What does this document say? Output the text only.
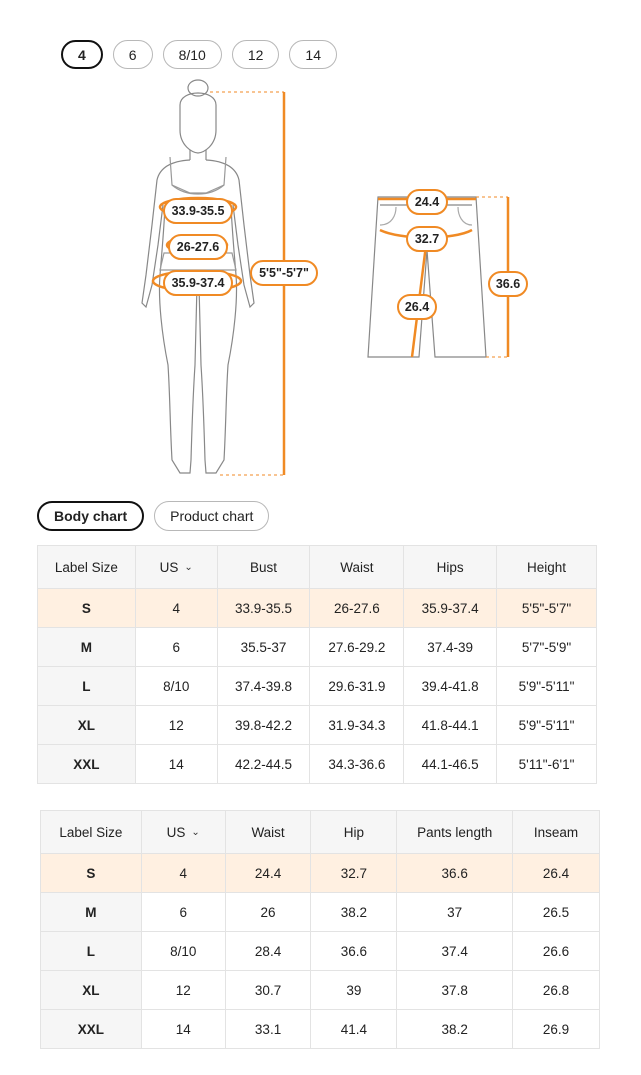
4	6	8/10	12	14
33.9-35.5
26-27.6
35.9-37.4
5'5"-5'7"
24.4
32.7
26.4
36.6
Body chart	Product chart
Label Size	US ⌄	Bust	Waist	Hips	Height
S	4	33.9-35.5	26-27.6	35.9-37.4	5'5"-5'7"
M	6	35.5-37	27.6-29.2	37.4-39	5'7"-5'9"
L	8/10	37.4-39.8	29.6-31.9	39.4-41.8	5'9"-5'11"
XL	12	39.8-42.2	31.9-34.3	41.8-44.1	5'9"-5'11"
XXL	14	42.2-44.5	34.3-36.6	44.1-46.5	5'11"-6'1"
Label Size	US ⌄	Waist	Hip	Pants length	Inseam
S	4	24.4	32.7	36.6	26.4
M	6	26	38.2	37	26.5
L	8/10	28.4	36.6	37.4	26.6
XL	12	30.7	39	37.8	26.8
XXL	14	33.1	41.4	38.2	26.9
